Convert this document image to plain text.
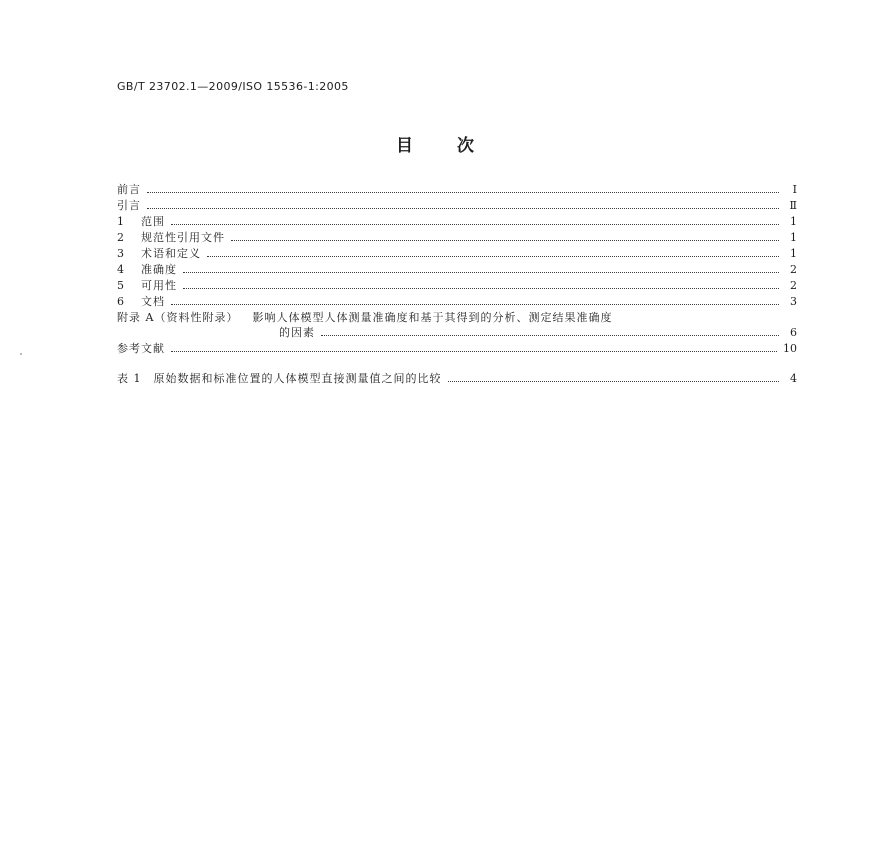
GB/T 23702.1—2009/ISO 15536-1:2005
目	次
前言	Ⅰ
引言	Ⅱ
1	范围	1
2	规范性引用文件	1
3	术语和定义	1
4	准确度	2
5	可用性	2
6	文档	3
附录 A（资料性附录） 影响人体模型人体测量准确度和基于其得到的分析、测定结果准确度
的因素	6
参考文献	10
表 1　原始数据和标准位置的人体模型直接测量值之间的比较	4
